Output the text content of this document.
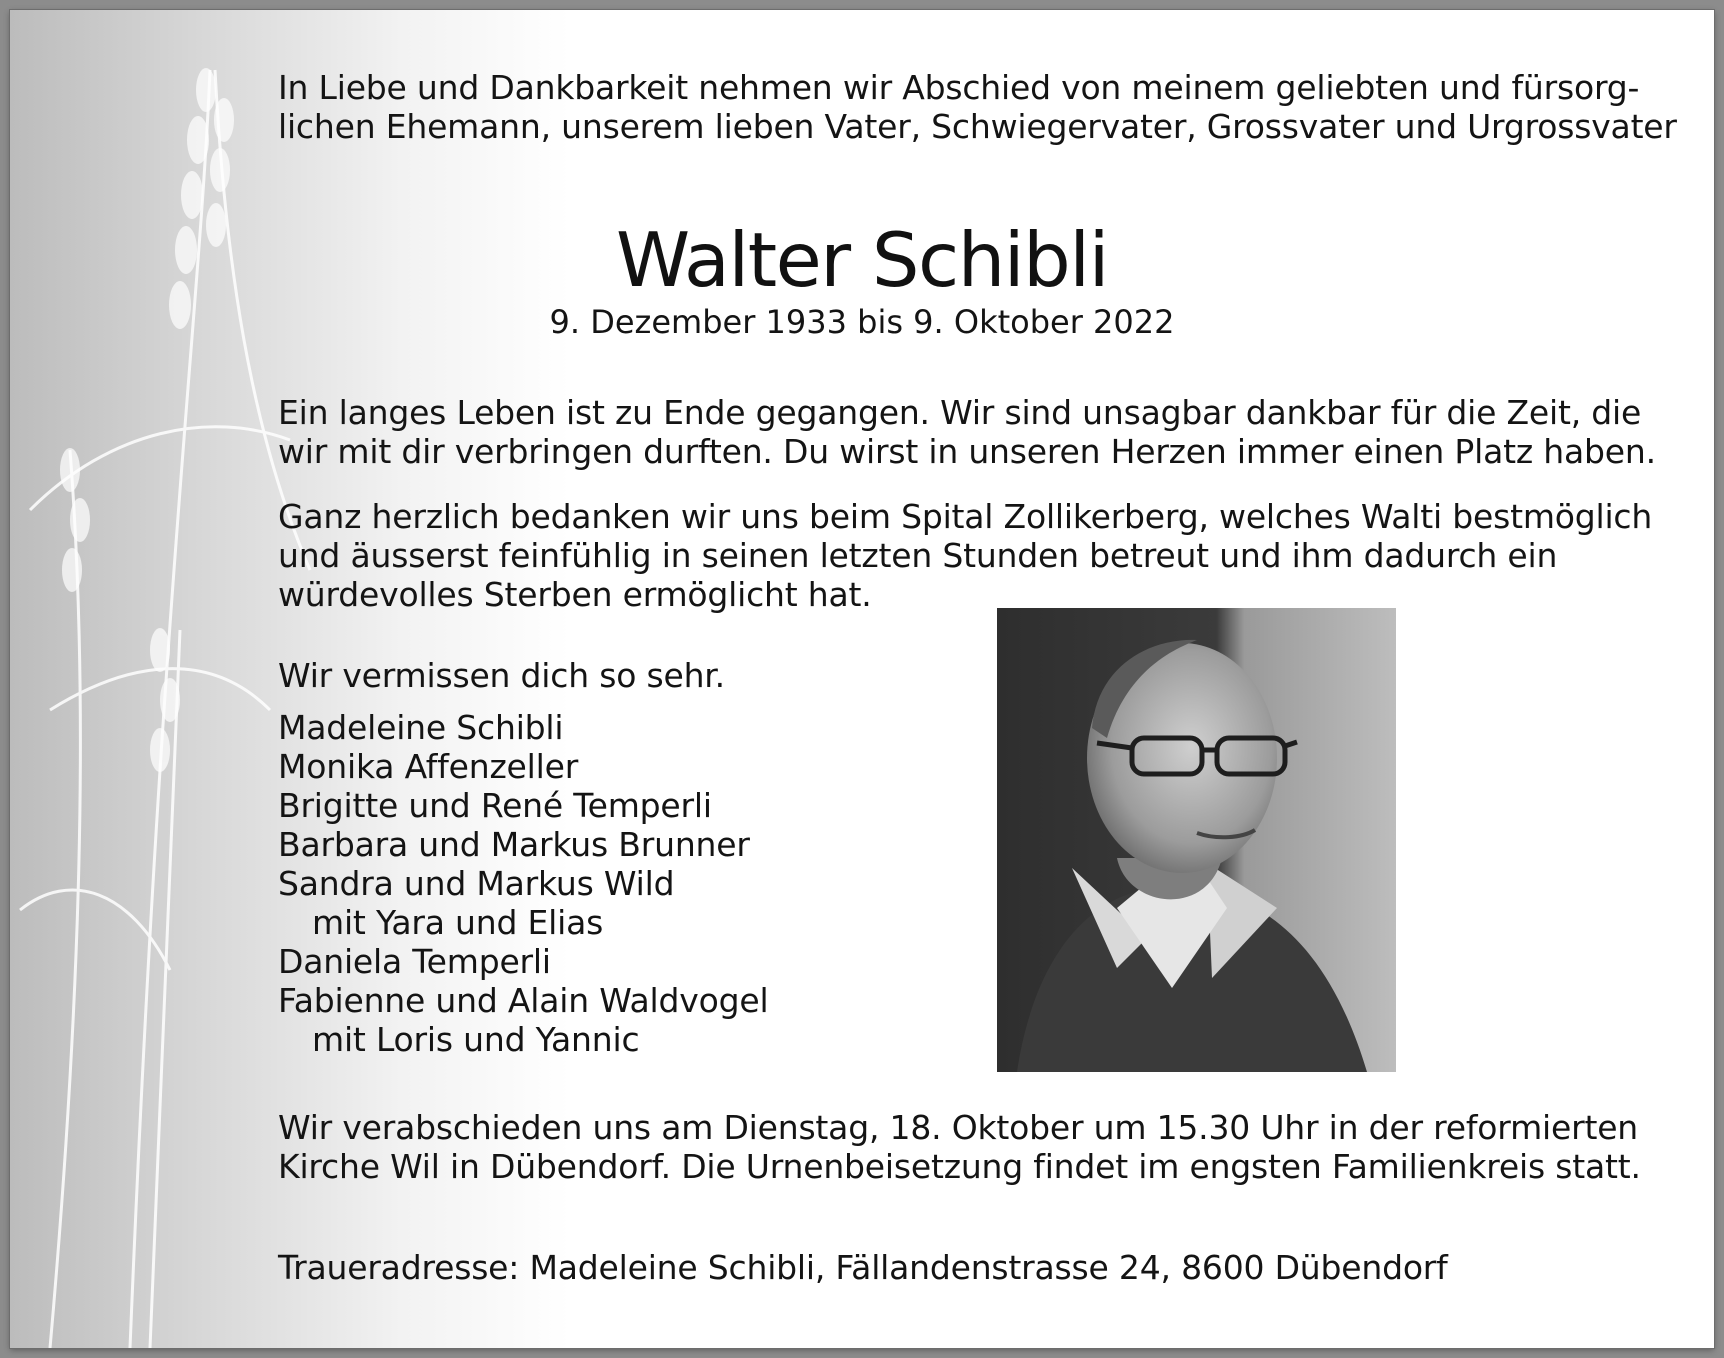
In Liebe und Dankbarkeit nehmen wir Abschied von meinem geliebten und fürsorg-
lichen Ehemann, unserem lieben Vater, Schwiegervater, Grossvater und Urgrossvater
Walter Schibli
9. Dezember 1933 bis 9. Oktober 2022
Ein langes Leben ist zu Ende gegangen. Wir sind unsagbar dankbar für die Zeit, die
wir mit dir verbringen durften. Du wirst in unseren Herzen immer einen Platz haben.
Ganz herzlich bedanken wir uns beim Spital Zollikerberg, welches Walti bestmöglich
und äusserst feinfühlig in seinen letzten Stunden betreut und ihm dadurch ein
würdevolles Sterben ermöglicht hat.
Wir vermissen dich so sehr.
Madeleine Schibli
Monika Affenzeller
Brigitte und René Temperli
Barbara und Markus Brunner
Sandra und Markus Wild
mit Yara und Elias
Daniela Temperli
Fabienne und Alain Waldvogel
mit Loris und Yannic
Wir verabschieden uns am Dienstag, 18. Oktober um 15.30 Uhr in der reformierten
Kirche Wil in Dübendorf. Die Urnenbeisetzung findet im engsten Familienkreis statt.
Traueradresse: Madeleine Schibli, Fällandenstrasse 24, 8600 Dübendorf
